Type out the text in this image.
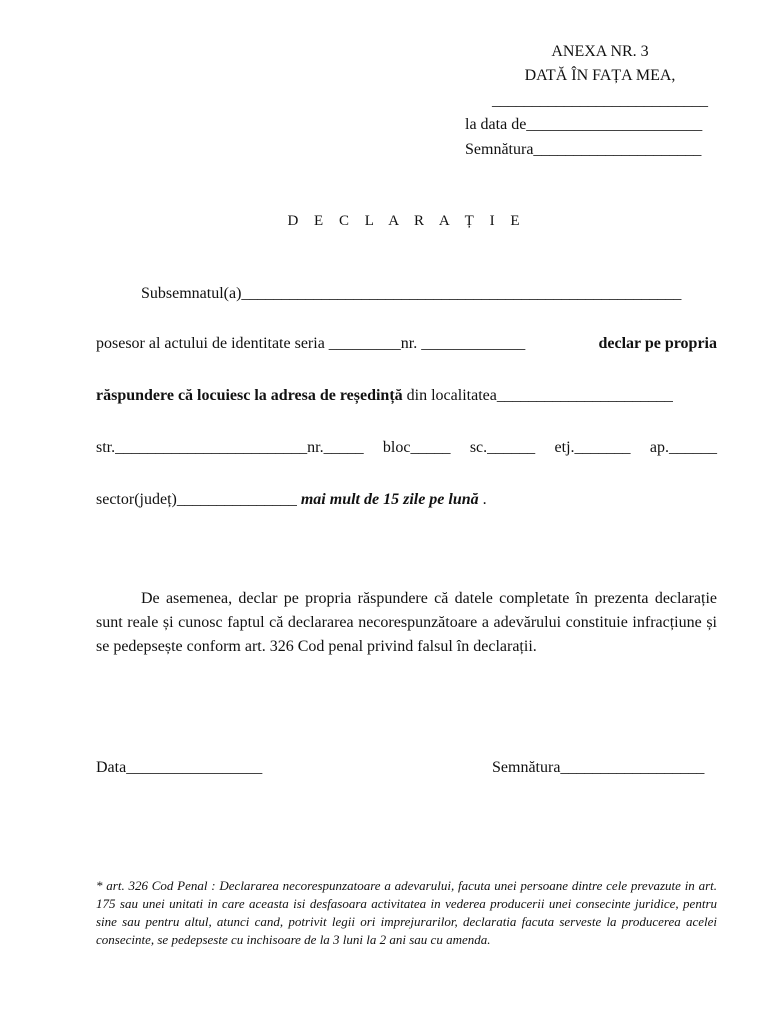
ANEXA NR. 3
DATĂ ÎN FAȚA MEA,
___________________________
la data de______________________
Semnătura_____________________
D E C L A R A Ț I E
Subsemnatul(a)_______________________________________________________
posesor al actului de identitate seria _________nr. _____________	declar pe propria
răspundere că locuiesc la adresa de reședință din localitatea______________________
str.________________________nr._____ bloc_____ sc.______ etj._______ ap.______
sector(județ)_______________ mai mult de 15 zile pe lună .
De asemenea, declar pe propria răspundere că datele completate în prezenta declarație sunt reale și cunosc faptul că declararea necorespunzătoare a adevărului constituie infracțiune și se pedepsește conform art. 326 Cod penal privind falsul în declarații.
Data_________________	Semnătura__________________
* art. 326 Cod Penal : Declararea necorespunzatoare a adevarului, facuta unei persoane dintre cele prevazute in art. 175 sau unei unitati in care aceasta isi desfasoara activitatea in vederea producerii unei consecinte juridice, pentru sine sau pentru altul, atunci cand, potrivit legii ori imprejurarilor, declaratia facuta serveste la producerea acelei consecinte, se pedepseste cu inchisoare de la 3 luni la 2 ani sau cu amenda.
